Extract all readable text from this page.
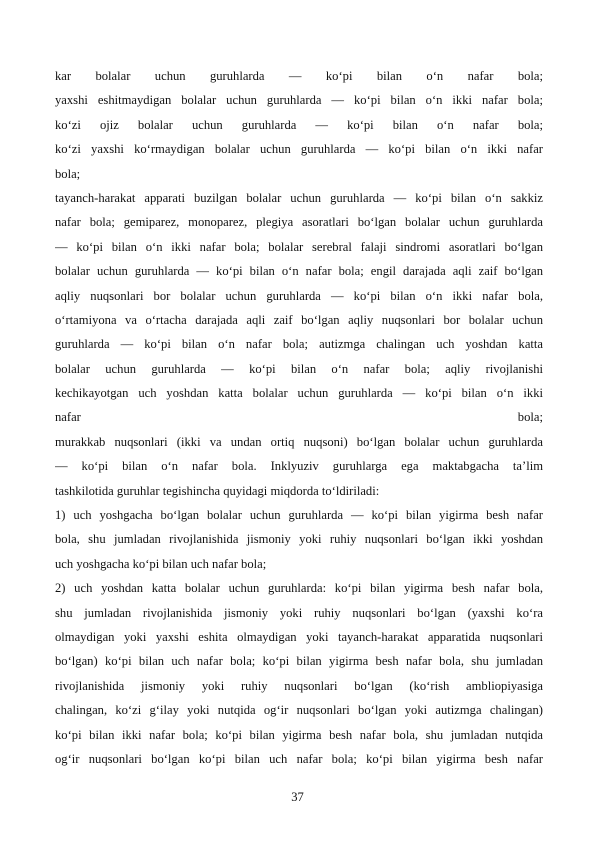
kar bolalar uchun guruhlarda — ko‘pi bilan o‘n nafar bola;
yaxshi eshitmaydigan bolalar uchun guruhlarda — ko‘pi bilan o‘n ikki nafar bola;
ko‘zi ojiz bolalar uchun guruhlarda — ko‘pi bilan o‘n nafar bola;
ko‘zi yaxshi ko‘rmaydigan bolalar uchun guruhlarda — ko‘pi bilan o‘n ikki nafar
bola;
tayanch-harakat apparati buzilgan bolalar uchun guruhlarda — ko‘pi bilan o‘n sakkiz
nafar bola; gemiparez, monoparez, plegiya asoratlari bo‘lgan bolalar uchun guruhlarda
— ko‘pi bilan o‘n ikki nafar bola; bolalar serebral falaji sindromi asoratlari bo‘lgan
bolalar uchun guruhlarda — ko‘pi bilan o‘n nafar bola; engil darajada aqli zaif bo‘lgan
aqliy nuqsonlari bor bolalar uchun guruhlarda — ko‘pi bilan o‘n ikki nafar bola,
o‘rtamiyona va o‘rtacha darajada aqli zaif bo‘lgan aqliy nuqsonlari bor bolalar uchun
guruhlarda — ko‘pi bilan o‘n nafar bola; autizmga chalingan uch yoshdan katta
bolalar uchun guruhlarda — ko‘pi bilan o‘n nafar bola; aqliy rivojlanishi
kechikayotgan uch yoshdan katta bolalar uchun guruhlarda — ko‘pi bilan o‘n ikki
nafar bola;
murakkab nuqsonlari (ikki va undan ortiq nuqsoni) bo‘lgan bolalar uchun guruhlarda
— ko‘pi bilan o‘n nafar bola. Inklyuziv guruhlarga ega maktabgacha ta’lim
tashkilotida guruhlar tegishincha quyidagi miqdorda to‘ldiriladi:
1) uch yoshgacha bo‘lgan bolalar uchun guruhlarda — ko‘pi bilan yigirma besh nafar
bola, shu jumladan rivojlanishida jismoniy yoki ruhiy nuqsonlari bo‘lgan ikki yoshdan
uch yoshgacha ko‘pi bilan uch nafar bola;
2) uch yoshdan katta bolalar uchun guruhlarda: ko‘pi bilan yigirma besh nafar bola,
shu jumladan rivojlanishida jismoniy yoki ruhiy nuqsonlari bo‘lgan (yaxshi ko‘ra
olmaydigan yoki yaxshi eshita olmaydigan yoki tayanch-harakat apparatida nuqsonlari
bo‘lgan) ko‘pi bilan uch nafar bola; ko‘pi bilan yigirma besh nafar bola, shu jumladan
rivojlanishida jismoniy yoki ruhiy nuqsonlari bo‘lgan (ko‘rish ambliopiyasiga
chalingan, ko‘zi g‘ilay yoki nutqida og‘ir nuqsonlari bo‘lgan yoki autizmga chalingan)
ko‘pi bilan ikki nafar bola; ko‘pi bilan yigirma besh nafar bola, shu jumladan nutqida
og‘ir nuqsonlari bo‘lgan ko‘pi bilan uch nafar bola; ko‘pi bilan yigirma besh nafar
37
